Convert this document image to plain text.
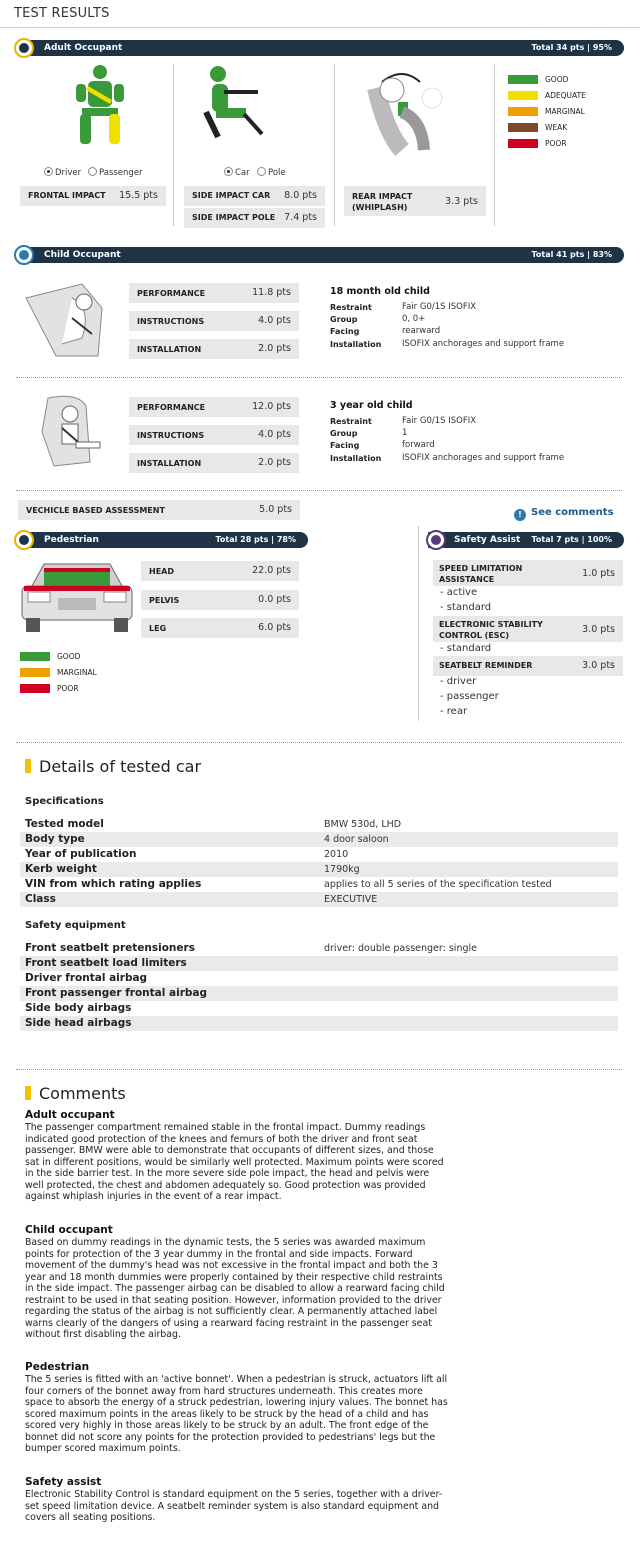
TEST RESULTS
Adult Occupant	Total 34 pts | 95%
Driver	Passenger	Car	Pole
FRONTAL IMPACT 15.5 pts	SIDE IMPACT CAR 8.0 pts
SIDE IMPACT POLE 7.4 pts
REAR IMPACT
(WHIPLASH)
3.3 pts
GOOD
ADEQUATE
MARGINAL
WEAK
POOR
Child Occupant	Total 41 pts | 83%
PERFORMANCE	11.8 pts
INSTRUCTIONS	4.0 pts
INSTALLATION	2.0 pts
18 month old child
Restraint	Fair G0/1S ISOFIX
Group	0, 0+
Facing	rearward
Installation ISOFIX anchorages and support frame
PERFORMANCE	12.0 pts
INSTRUCTIONS	4.0 pts
INSTALLATION	2.0 pts
3 year old child
Restraint	Fair G0/1S ISOFIX
Group	1
Facing	forward
Installation ISOFIX anchorages and support frame
VECHICLE BASED ASSESSMENT	5.0 pts	! See comments
Pedestrian	Total 28 pts | 78%
HEAD	22.0 pts
PELVIS	0.0 pts
LEG	6.0 pts
GOOD
MARGINAL
POOR
Safety Assist Total 7 pts | 100%
SPEED LIMITATION
ASSISTANCE
1.0 pts
- active
- standard
ELECTRONIC STABILITY
CONTROL (ESC)
3.0 pts
- standard
SEATBELT REMINDER	3.0 pts
- driver
- passenger
- rear
Details of tested car
Specifications
Tested model	BMW 530d, LHD
Body type	4 door saloon
Year of publication	2010
Kerb weight	1790kg
VIN from which rating applies	applies to all 5 series of the specification tested
Class	EXECUTIVE
Safety equipment
Front seatbelt pretensioners	driver: double passenger: single
Front seatbelt load limiters
Driver frontal airbag
Front passenger frontal airbag
Side body airbags
Side head airbags
Comments
Adult occupant
The passenger compartment remained stable in the frontal impact. Dummy readings indicated good protection of the knees and femurs of both the driver and front seat passenger. BMW were able to demonstrate that occupants of different sizes, and those sat in different positions, would be similarly well protected. Maximum points were scored in the side barrier test. In the more severe side pole impact, the head and pelvis were well protected, the chest and abdomen adequately so. Good protection was provided against whiplash injuries in the event of a rear impact.
Child occupant
Based on dummy readings in the dynamic tests, the 5 series was awarded maximum points for protection of the 3 year dummy in the frontal and side impacts. Forward movement of the dummy's head was not excessive in the frontal impact and both the 3 year and 18 month dummies were properly contained by their respective child restraints in the side impact. The passenger airbag can be disabled to allow a rearward facing child restraint to be used in that seating position. However, information provided to the driver regarding the status of the airbag is not sufficiently clear. A permanently attached label warns clearly of the dangers of using a rearward facing restraint in the passenger seat without first disabling the airbag.
Pedestrian
The 5 series is fitted with an 'active bonnet'. When a pedestrian is struck, actuators lift all four corners of the bonnet away from hard structures underneath. This creates more space to absorb the energy of a struck pedestrian, lowering injury values. The bonnet has scored maximum points in the areas likely to be struck by the head of a child and has scored very highly in those areas likely to be struck by an adult. The front edge of the bonnet did not score any points for the protection provided to pedestrians' legs but the bumper scored maximum points.
Safety assist
Electronic Stability Control is standard equipment on the 5 series, together with a driver-set speed limitation device. A seatbelt reminder system is also standard equipment and covers all seating positions.
